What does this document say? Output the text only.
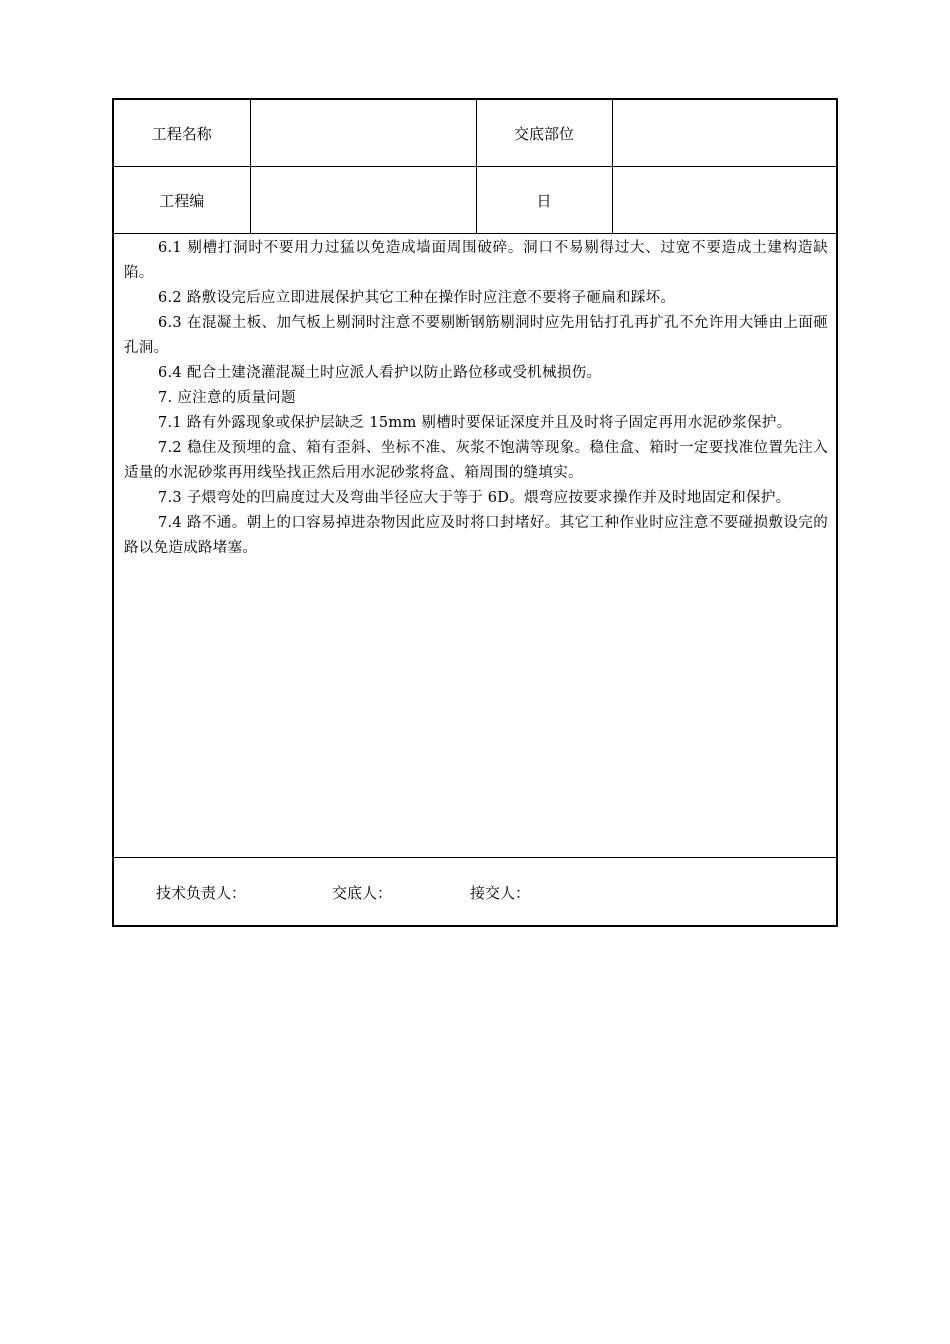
工程名称		交底部位	
工程编		日	

6.1 剔槽打洞时不要用力过猛以免造成墙面周围破碎。洞口不易剔得过大、过宽不要造成土建构造缺陷。

6.2 路敷设完后应立即进展保护其它工种在操作时应注意不要将子砸扁和踩坏。

6.3 在混凝土板、加气板上剔洞时注意不要剔断钢筋剔洞时应先用钻打孔再扩孔不允许用大锤由上面砸孔洞。

6.4 配合土建浇灌混凝土时应派人看护以防止路位移或受机械损伤。

7. 应注意的质量问题

7.1 路有外露现象或保护层缺乏 15mm 剔槽时要保证深度并且及时将子固定再用水泥砂浆保护。

7.2 稳住及预埋的盒、箱有歪斜、坐标不准、灰浆不饱满等现象。稳住盒、箱时一定要找准位置先注入适量的水泥砂浆再用线坠找正然后用水泥砂浆将盒、箱周围的缝填实。

7.3 子煨弯处的凹扁度过大及弯曲半径应大于等于 6D。煨弯应按要求操作并及时地固定和保护。

7.4 路不通。朝上的口容易掉进杂物因此应及时将口封堵好。其它工种作业时应注意不要碰损敷设完的路以免造成路堵塞。

技术负责人：	交底人：	接交人：
